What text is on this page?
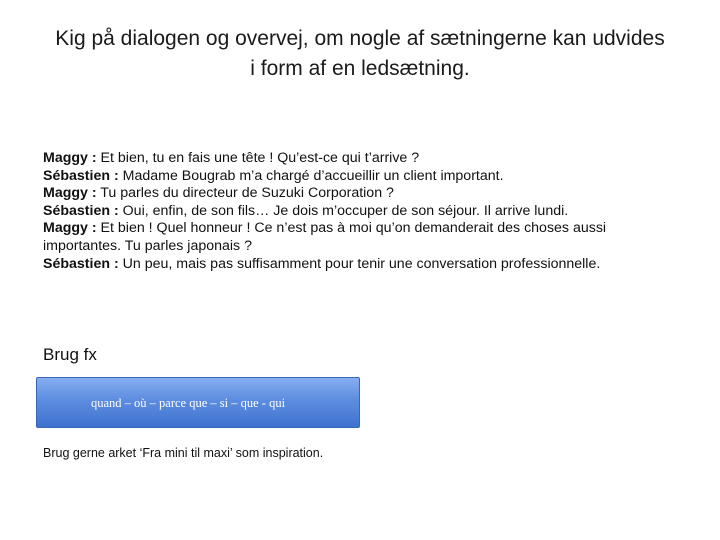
Kig på dialogen og overvej, om nogle af sætningerne kan udvides
i form af en ledsætning.

Maggy : Et bien, tu en fais une tête ! Qu’est-ce qui t’arrive ?

Sébastien : Madame Bougrab m’a chargé d’accueillir un client important.

Maggy : Tu parles du directeur de Suzuki Corporation ?

Sébastien : Oui, enfin, de son fils… Je dois m’occuper de son séjour. Il arrive lundi.

Maggy : Et bien ! Quel honneur ! Ce n’est pas à moi qu’on demanderait des choses aussi importantes. Tu parles japonais ?

Sébastien : Un peu, mais pas suffisamment pour tenir une conversation professionnelle.

Brug fx
quand – où – parce que – si – que - qui
Brug gerne arket ‘Fra mini til maxi’ som inspiration.
